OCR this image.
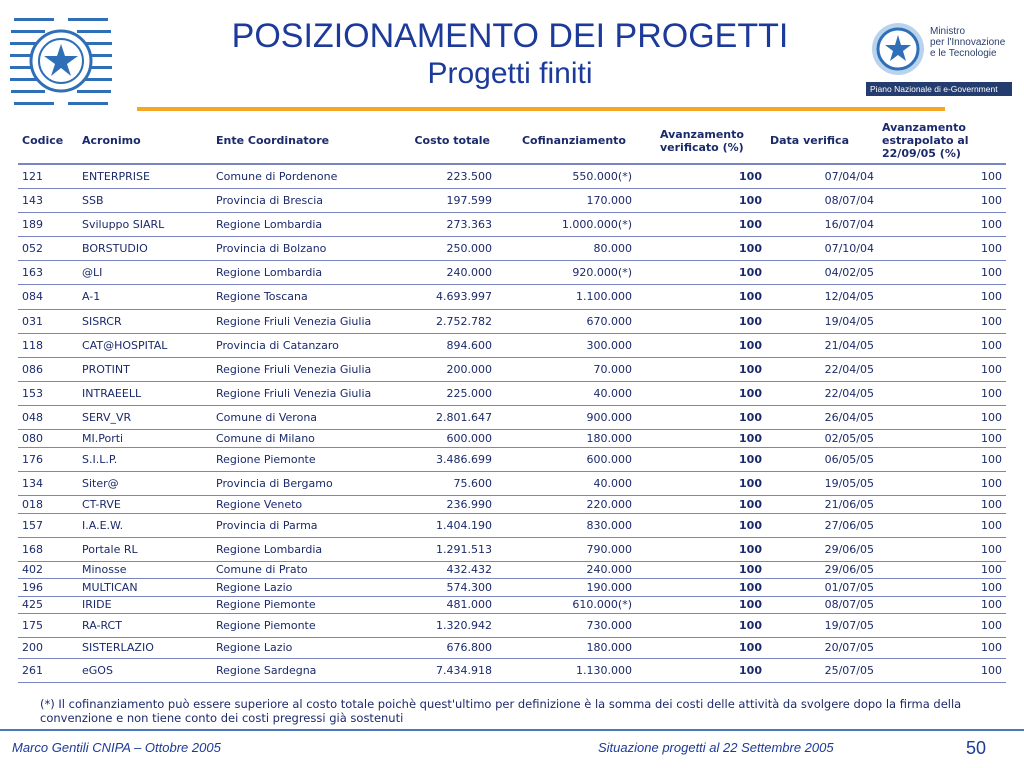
POSIZIONAMENTO DEI PROGETTI
Progetti finiti
Ministro
per l'Innovazione
e le Tecnologie
Piano Nazionale di e-Government
Codice	Acronimo	Ente Coordinatore	Costo totale	Cofinanziamento	Avanzamento
verificato (%)	Data verifica	Avanzamento
estrapolato al
22/09/05 (%)
121	ENTERPRISE	Comune di Pordenone	223.500	550.000(*)	100	07/04/04	100
143	SSB	Provincia di Brescia	197.599	170.000	100	08/07/04	100
189	Sviluppo SIARL	Regione Lombardia	273.363	1.000.000(*)	100	16/07/04	100
052	BORSTUDIO	Provincia di Bolzano	250.000	80.000	100	07/10/04	100
163	@LI	Regione Lombardia	240.000	920.000(*)	100	04/02/05	100
084	A-1	Regione Toscana	4.693.997	1.100.000	100	12/04/05	100
031	SISRCR	Regione Friuli Venezia Giulia	2.752.782	670.000	100	19/04/05	100
118	CAT@HOSPITAL	Provincia di Catanzaro	894.600	300.000	100	21/04/05	100
086	PROTINT	Regione Friuli Venezia Giulia	200.000	70.000	100	22/04/05	100
153	INTRAEELL	Regione Friuli Venezia Giulia	225.000	40.000	100	22/04/05	100
048	SERV_VR	Comune di Verona	2.801.647	900.000	100	26/04/05	100
080	MI.Porti	Comune di Milano	600.000	180.000	100	02/05/05	100
176	S.I.L.P.	Regione Piemonte	3.486.699	600.000	100	06/05/05	100
134	Siter@	Provincia di Bergamo	75.600	40.000	100	19/05/05	100
018	CT-RVE	Regione Veneto	236.990	220.000	100	21/06/05	100
157	I.A.E.W.	Provincia di Parma	1.404.190	830.000	100	27/06/05	100
168	Portale RL	Regione Lombardia	1.291.513	790.000	100	29/06/05	100
402	Minosse	Comune di Prato	432.432	240.000	100	29/06/05	100
196	MULTICAN	Regione Lazio	574.300	190.000	100	01/07/05	100
425	IRIDE	Regione Piemonte	481.000	610.000(*)	100	08/07/05	100
175	RA-RCT	Regione Piemonte	1.320.942	730.000	100	19/07/05	100
200	SISTERLAZIO	Regione Lazio	676.800	180.000	100	20/07/05	100
261	eGOS	Regione Sardegna	7.434.918	1.130.000	100	25/07/05	100
(*) Il cofinanziamento può essere superiore al costo totale poichè quest'ultimo per definizione è la somma dei costi delle attività da svolgere dopo la firma della convenzione e non tiene conto dei costi pregressi già sostenuti
Marco Gentili CNIPA – Ottobre 2005	Situazione progetti al 22 Settembre 2005	50
